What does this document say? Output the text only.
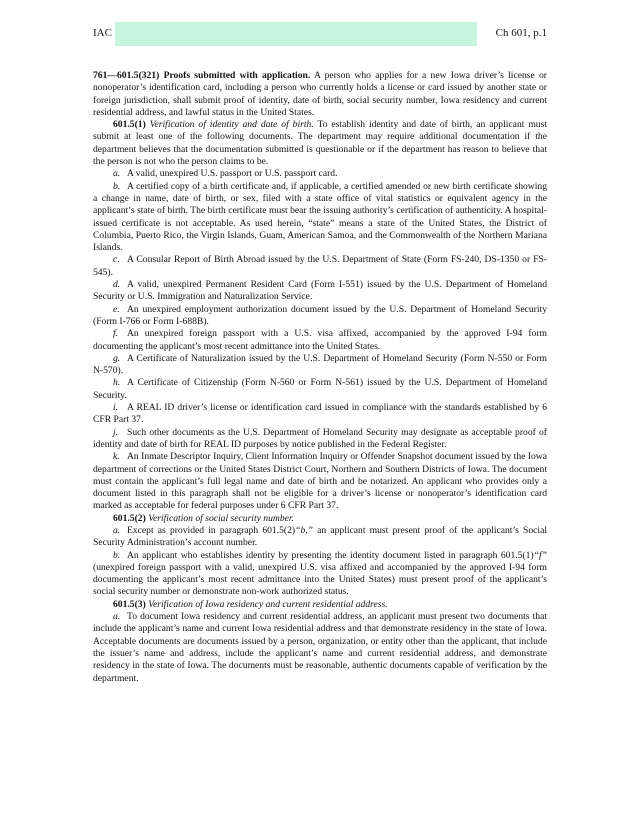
IAC	Ch 601, p.1

761—601.5(321) Proofs submitted with application. A person who applies for a new Iowa driver’s license or nonoperator’s identification card, including a person who currently holds a license or card issued by another state or foreign jurisdiction, shall submit proof of identity, date of birth, social security number, Iowa residency and current residential address, and lawful status in the United States.

601.5(1) Verification of identity and date of birth. To establish identity and date of birth, an applicant must submit at least one of the following documents. The department may require additional documentation if the department believes that the documentation submitted is questionable or if the department has reason to believe that the person is not who the person claims to be.

a. A valid, unexpired U.S. passport or U.S. passport card.

b. A certified copy of a birth certificate and, if applicable, a certified amended or new birth certificate showing a change in name, date of birth, or sex, filed with a state office of vital statistics or equivalent agency in the applicant’s state of birth. The birth certificate must bear the issuing authority’s certification of authenticity. A hospital-issued certificate is not acceptable. As used herein, “state” means a state of the United States, the District of Columbia, Puerto Rico, the Virgin Islands, Guam, American Samoa, and the Commonwealth of the Northern Mariana Islands.

c. A Consular Report of Birth Abroad issued by the U.S. Department of State (Form FS-240, DS-1350 or FS-545).

d. A valid, unexpired Permanent Resident Card (Form I-551) issued by the U.S. Department of Homeland Security or U.S. Immigration and Naturalization Service.

e. An unexpired employment authorization document issued by the U.S. Department of Homeland Security (Form I-766 or Form I-688B).

f. An unexpired foreign passport with a U.S. visa affixed, accompanied by the approved I-94 form documenting the applicant’s most recent admittance into the United States.

g. A Certificate of Naturalization issued by the U.S. Department of Homeland Security (Form N-550 or Form N-570).

h. A Certificate of Citizenship (Form N-560 or Form N-561) issued by the U.S. Department of Homeland Security.

i. A REAL ID driver’s license or identification card issued in compliance with the standards established by 6 CFR Part 37.

j. Such other documents as the U.S. Department of Homeland Security may designate as acceptable proof of identity and date of birth for REAL ID purposes by notice published in the Federal Register.

k. An Inmate Descriptor Inquiry, Client Information Inquiry or Offender Snapshot document issued by the Iowa department of corrections or the United States District Court, Northern and Southern Districts of Iowa. The document must contain the applicant’s full legal name and date of birth and be notarized. An applicant who provides only a document listed in this paragraph shall not be eligible for a driver’s license or nonoperator’s identification card marked as acceptable for federal purposes under 6 CFR Part 37.

601.5(2) Verification of social security number.

a. Except as provided in paragraph 601.5(2)“b,” an applicant must present proof of the applicant’s Social Security Administration’s account number.

b. An applicant who establishes identity by presenting the identity document listed in paragraph 601.5(1)“f” (unexpired foreign passport with a valid, unexpired U.S. visa affixed and accompanied by the approved I-94 form documenting the applicant’s most recent admittance into the United States) must present proof of the applicant’s social security number or demonstrate non-work authorized status.

601.5(3) Verification of Iowa residency and current residential address.

a. To document Iowa residency and current residential address, an applicant must present two documents that include the applicant’s name and current Iowa residential address and that demonstrate residency in the state of Iowa. Acceptable documents are documents issued by a person, organization, or entity other than the applicant, that include the issuer’s name and address, include the applicant’s name and current residential address, and demonstrate residency in the state of Iowa. The documents must be reasonable, authentic documents capable of verification by the department.
